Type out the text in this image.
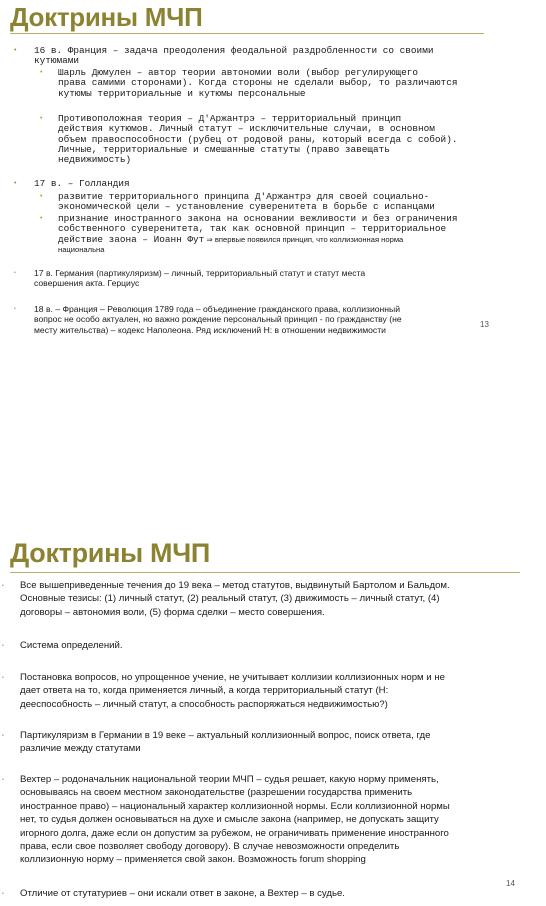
Доктрины МЧП
• 16 в. Франция – задача преодоления феодальной раздробленности со своими
кутюмами
• Шарль Дюмулен – автор теории автономии воли (выбор регулирующего
права самими сторонами). Когда стороны не сделали выбор, то различаются
кутюмы территориальные и кутюмы персональные
• Противоположная теория – Д'Аржантрэ – территориальный принцип
действия кутюмов. Личный статут – исключительные случаи, в основном
объем правоспособности (рубец от родовой раны, который всегда с собой).
Личные, территориальные и смешанные статуты (право завещать
недвижимость)
• 17 в. – Голландия
• развитие территориального принципа Д'Аржантрэ для своей социально-
экономической цели – установление суверенитета в борьбе с испанцами
• признание иностранного закона на основании вежливости и без ограничения
собственного суверенитета, так как основной принцип – территориальное
действие заона – Иоанн Фут ⇒ впервые появился принцип, что коллизионная норма
национальна
• 17 в. Германия (партикуляризм) – личный, территориальный статут и статут места
совершения акта. Герциус
• 18 в. – Франция – Революция 1789 года – объединение гражданского права, коллизионный
вопрос не особо актуален, но важно рождение персональный принцип - по гражданству (не
месту жительства) – кодекс Наполеона. Ряд исключений Н: в отношении недвижимости
13
Доктрины МЧП
• Все вышеприведенные течения до 19 века – метод статутов, выдвинутый Бартолом и Бальдом.
Основные тезисы: (1) личный статут, (2) реальный статут, (3) движимость – личный статут, (4)
договоры – автономия воли, (5) форма сделки – место совершения.
• Система определений.
• Постановка вопросов, но упрощенное учение, не учитывает коллизии коллизионных норм и не
дает ответа на то, когда применяется личный, а когда территориальный статут (Н:
дееспособность – личный статут, а способность распоряжаться недвижимостью?)
• Партикуляризм в Германии в 19 веке – актуальный коллизионный вопрос, поиск ответа, где
различие между статутами
• Вехтер – родоначальник национальной теории МЧП – судья решает, какую норму применять,
основываясь на своем местном законодательстве (разрешении государства применить
иностранное право) – национальный характер коллизионной нормы. Если коллизионной нормы
нет, то судья должен основываться на духе и смысле закона (например, не допускать защиту
игорного долга, даже если он допустим за рубежом, не ограничивать применение иностранного
права, если свое позволяет свободу договору). В случае невозможности определить
коллизионную норму – применяется свой закон. Возможность forum shopping
14
• Отличие от стутатуриев – они искали ответ в законе, а Вехтер – в судье.
